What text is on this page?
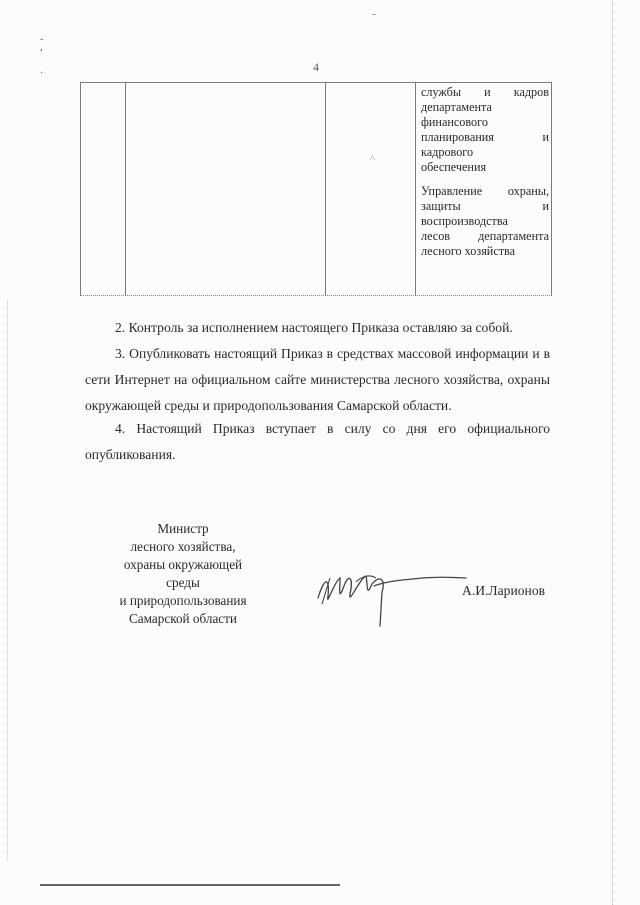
ˇ
'
·	4
^

службы и кадров

департамента

финансового

планирования и

кадрового

обеспечения

Управление охраны,

защиты и

воспроизводства

лесов департамента

лесного хозяйства

2. Контроль за исполнением настоящего Приказа оставляю за собой.

3. Опубликовать настоящий Приказ в средствах массовой информации и в сети Интернет на официальном сайте министерства лесного хозяйства, охраны окружающей среды и природопользования Самарской области.

4. Настоящий Приказ вступает в силу со дня его официального опубликования.

Министр
лесного хозяйства,
охраны окружающей среды
и природопользования
Самарской области
А.И.Ларионов
